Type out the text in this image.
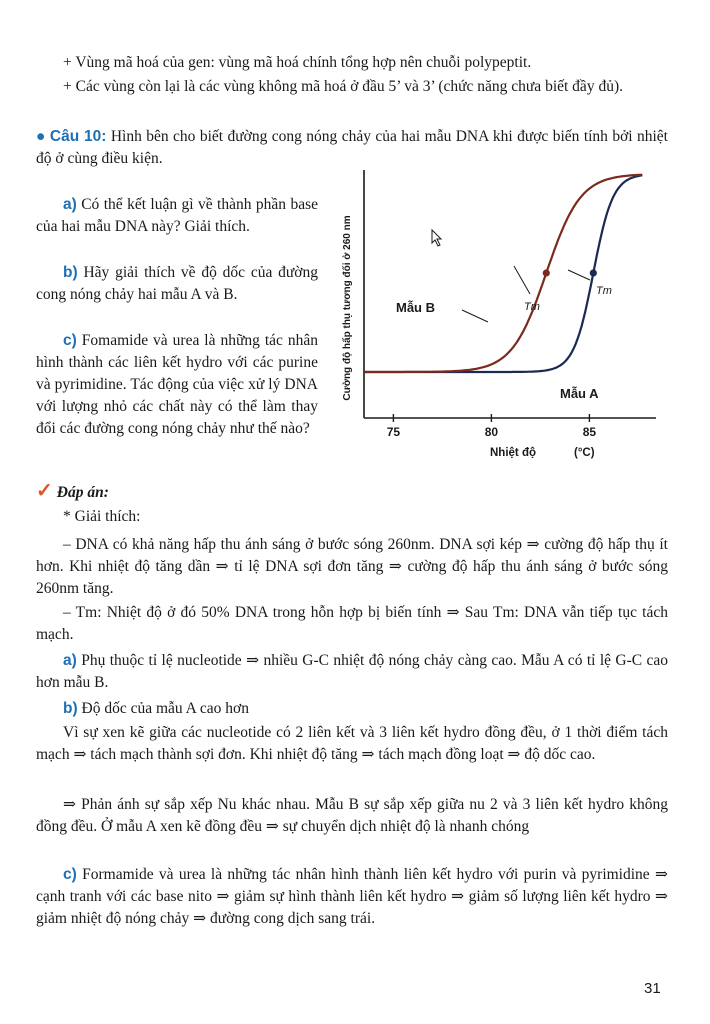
+ Vùng mã hoá của gen: vùng mã hoá chính tổng hợp nên chuỗi polypeptit.
+ Các vùng còn lại là các vùng không mã hoá ở đầu 5’ và 3’ (chức năng chưa biết đầy đủ).
● Câu 10: Hình bên cho biết đường cong nóng chảy của hai mẫu DNA khi được biến tính bởi nhiệt độ ở cùng điều kiện.
a) Có thể kết luận gì về thành phần base của hai mẫu DNA này? Giải thích.
b) Hãy giải thích về độ dốc của đường cong nóng chảy hai mẫu A và B.
c) Fomamide và urea là những tác nhân hình thành các liên kết hydro với các purine và pyrimidine. Tác động của việc xử lý DNA với lượng nhỏ các chất này có thể làm thay đổi các đường cong nóng chảy như thế nào?
Cường độ hấp thụ tương đối ở 260 nm
75	80	85
Mẫu B	Tm
Mẫu A
Tm
Nhiệt độ	(°C)
✓ Đáp án:
* Giải thích:
– DNA có khả năng hấp thu ánh sáng ở bước sóng 260nm. DNA sợi kép ⇒ cường độ hấp thụ ít hơn. Khi nhiệt độ tăng dần ⇒ tỉ lệ DNA sợi đơn tăng ⇒ cường độ hấp thu ánh sáng ở bước sóng 260nm tăng.
– Tm: Nhiệt độ ở đó 50% DNA trong hỗn hợp bị biến tính ⇒ Sau Tm: DNA vẫn tiếp tục tách mạch.
a) Phụ thuộc tỉ lệ nucleotide ⇒ nhiều G-C nhiệt độ nóng chảy càng cao. Mẫu A có tỉ lệ G-C cao hơn mẫu B.
b) Độ dốc của mẫu A cao hơn
Vì sự xen kẽ giữa các nucleotide có 2 liên kết và 3 liên kết hydro đồng đều, ở 1 thời điểm tách mạch ⇒ tách mạch thành sợi đơn. Khi nhiệt độ tăng ⇒ tách mạch đồng loạt ⇒ độ dốc cao.
⇒ Phản ánh sự sắp xếp Nu khác nhau. Mẫu B sự sắp xếp giữa nu 2 và 3 liên kết hydro không đồng đều. Ở mẫu A xen kẽ đồng đều ⇒ sự chuyển dịch nhiệt độ là nhanh chóng
c) Formamide và urea là những tác nhân hình thành liên kết hydro với purin và pyrimidine ⇒ cạnh tranh với các base nito ⇒ giảm sự hình thành liên kết hydro ⇒ giảm số lượng liên kết hydro ⇒ giảm nhiệt độ nóng chảy ⇒ đường cong dịch sang trái.
31
